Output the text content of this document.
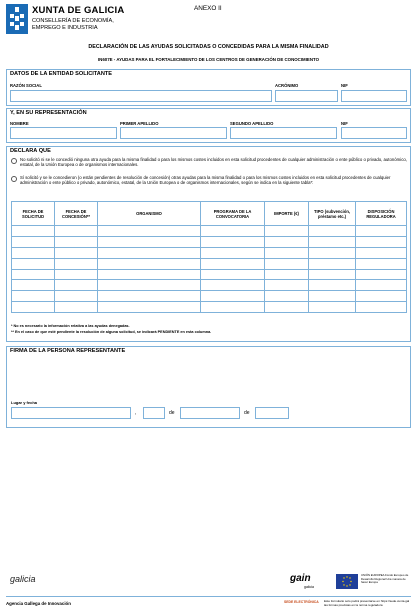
XUNTA DE GALICIA
CONSELLERÍA DE ECONOMÍA,
EMPREGO E INDUSTRIA
ANEXO II
DECLARACIÓN DE LAS AYUDAS SOLICITADAS O CONCEDIDAS PARA LA MISMA FINALIDAD
IN607E - AYUDAS PARA EL FORTALECIMIENTO DE LOS CENTROS DE GENERACIÓN DE CONOCIMIENTO
DATOS DE LA ENTIDAD SOLICITANTE
RAZÓN SOCIAL	ACRÓNIMO	NIF
Y, EN SU REPRESENTACIÓN
NOMBRE	PRIMER APELLIDO	SEGUNDO APELLIDO	NIF
DECLARA QUE
No solicitó ni se le concedió ninguna otra ayuda para la misma finalidad o para los mismos costes incluidos en esta solicitud procedentes de cualquier administración o ente público o privado, autonómico, estatal, de la Unión Europea o de organismos internacionales.
Sí solicitó y se le concedieron (o están pendientes de resolución de concesión) otras ayudas para la misma finalidad o para los mismos costes incluidos en esta solicitud procedentes de cualquier administración o ente público o privado, autonómico, estatal, de la Unión Europea o de organismos internacionales, según se indica en la siguiente tabla*:
FECHA DE SOLICITUD	FECHA DE CONCESIÓN**	ORGANISMO	PROGRAMA DE LA CONVOCATORIA	IMPORTE (€)	TIPO (subvención, préstamo etc.)	DISPOSICIÓN REGULADORA

* No es necesario la información relativa a las ayudas denegadas.
** En el caso de que esté pendiente la resolución de alguna solicitud, se indicará PENDIENTE en esta columna.
FIRMA DE LA PERSONA REPRESENTANTE
Lugar y fecha
,	de	de
galicia	gain
galicia
UNIÓN EUROPEA Fondo Europeo de Desarrollo Regional Una manera de hacer Europa
Agencia Gallega de Innovación	SEDE ELECTRÓNICA Este formulario solo podrá presentarse en https://sede.xunta.gal las formas previstas en la norma reguladora
